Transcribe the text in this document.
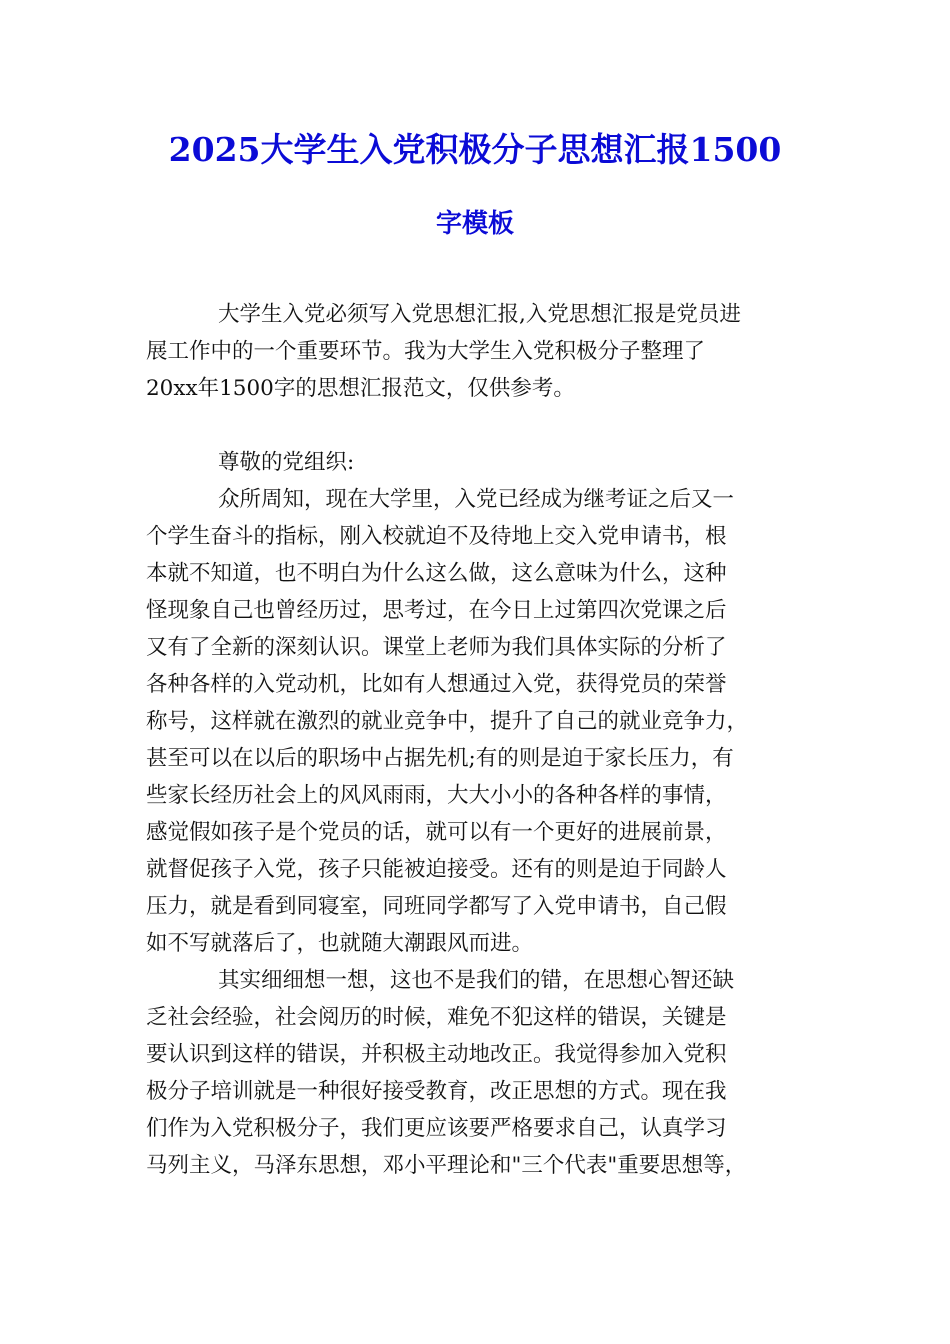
2025大学生入党积极分子思想汇报1500
字模板
大学生入党必须写入党思想汇报,入党思想汇报是党员进
展工作中的一个重要环节。我为大学生入党积极分子整理了
20xx年1500字的思想汇报范文，仅供参考。
尊敬的党组织:
众所周知，现在大学里，入党已经成为继考证之后又一
个学生奋斗的指标，刚入校就迫不及待地上交入党申请书，根
本就不知道，也不明白为什么这么做，这么意味为什么，这种
怪现象自己也曾经历过，思考过，在今日上过第四次党课之后
又有了全新的深刻认识。课堂上老师为我们具体实际的分析了
各种各样的入党动机，比如有人想通过入党，获得党员的荣誉
称号，这样就在激烈的就业竞争中，提升了自己的就业竞争力，
甚至可以在以后的职场中占据先机;有的则是迫于家长压力，有
些家长经历社会上的风风雨雨，大大小小的各种各样的事情，
感觉假如孩子是个党员的话，就可以有一个更好的进展前景，
就督促孩子入党，孩子只能被迫接受。还有的则是迫于同龄人
压力，就是看到同寝室，同班同学都写了入党申请书，自己假
如不写就落后了，也就随大潮跟风而进。
其实细细想一想，这也不是我们的错，在思想心智还缺
乏社会经验，社会阅历的时候，难免不犯这样的错误，关键是
要认识到这样的错误，并积极主动地改正。我觉得参加入党积
极分子培训就是一种很好接受教育，改正思想的方式。现在我
们作为入党积极分子，我们更应该要严格要求自己，认真学习
马列主义，马泽东思想，邓小平理论和"三个代表"重要思想等，
